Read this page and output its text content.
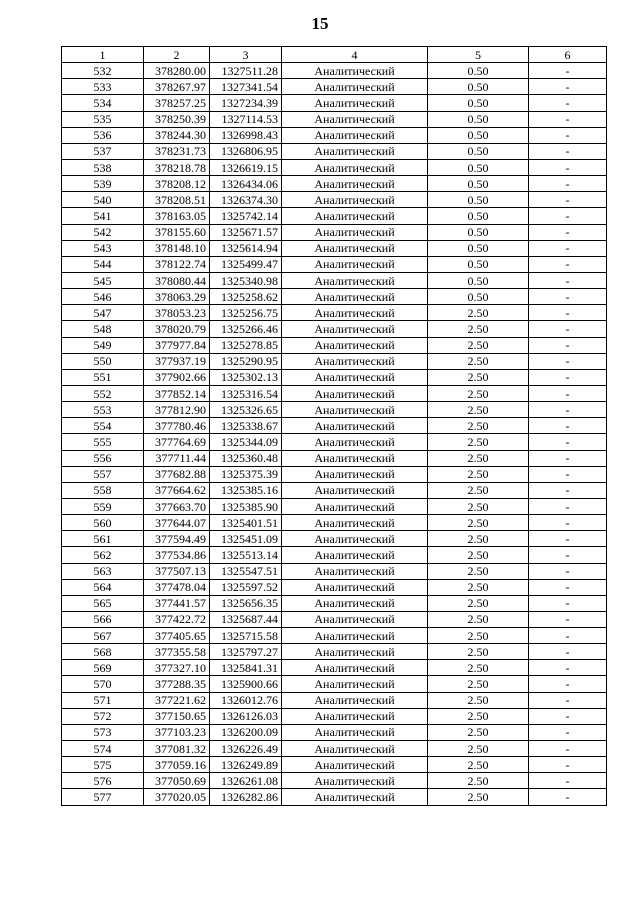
15
1	2	3	4	5	6
532	378280.00	1327511.28	Аналитический	0.50	-
533	378267.97	1327341.54	Аналитический	0.50	-
534	378257.25	1327234.39	Аналитический	0.50	-
535	378250.39	1327114.53	Аналитический	0.50	-
536	378244.30	1326998.43	Аналитический	0.50	-
537	378231.73	1326806.95	Аналитический	0.50	-
538	378218.78	1326619.15	Аналитический	0.50	-
539	378208.12	1326434.06	Аналитический	0.50	-
540	378208.51	1326374.30	Аналитический	0.50	-
541	378163.05	1325742.14	Аналитический	0.50	-
542	378155.60	1325671.57	Аналитический	0.50	-
543	378148.10	1325614.94	Аналитический	0.50	-
544	378122.74	1325499.47	Аналитический	0.50	-
545	378080.44	1325340.98	Аналитический	0.50	-
546	378063.29	1325258.62	Аналитический	0.50	-
547	378053.23	1325256.75	Аналитический	2.50	-
548	378020.79	1325266.46	Аналитический	2.50	-
549	377977.84	1325278.85	Аналитический	2.50	-
550	377937.19	1325290.95	Аналитический	2.50	-
551	377902.66	1325302.13	Аналитический	2.50	-
552	377852.14	1325316.54	Аналитический	2.50	-
553	377812.90	1325326.65	Аналитический	2.50	-
554	377780.46	1325338.67	Аналитический	2.50	-
555	377764.69	1325344.09	Аналитический	2.50	-
556	377711.44	1325360.48	Аналитический	2.50	-
557	377682.88	1325375.39	Аналитический	2.50	-
558	377664.62	1325385.16	Аналитический	2.50	-
559	377663.70	1325385.90	Аналитический	2.50	-
560	377644.07	1325401.51	Аналитический	2.50	-
561	377594.49	1325451.09	Аналитический	2.50	-
562	377534.86	1325513.14	Аналитический	2.50	-
563	377507.13	1325547.51	Аналитический	2.50	-
564	377478.04	1325597.52	Аналитический	2.50	-
565	377441.57	1325656.35	Аналитический	2.50	-
566	377422.72	1325687.44	Аналитический	2.50	-
567	377405.65	1325715.58	Аналитический	2.50	-
568	377355.58	1325797.27	Аналитический	2.50	-
569	377327.10	1325841.31	Аналитический	2.50	-
570	377288.35	1325900.66	Аналитический	2.50	-
571	377221.62	1326012.76	Аналитический	2.50	-
572	377150.65	1326126.03	Аналитический	2.50	-
573	377103.23	1326200.09	Аналитический	2.50	-
574	377081.32	1326226.49	Аналитический	2.50	-
575	377059.16	1326249.89	Аналитический	2.50	-
576	377050.69	1326261.08	Аналитический	2.50	-
577	377020.05	1326282.86	Аналитический	2.50	-
